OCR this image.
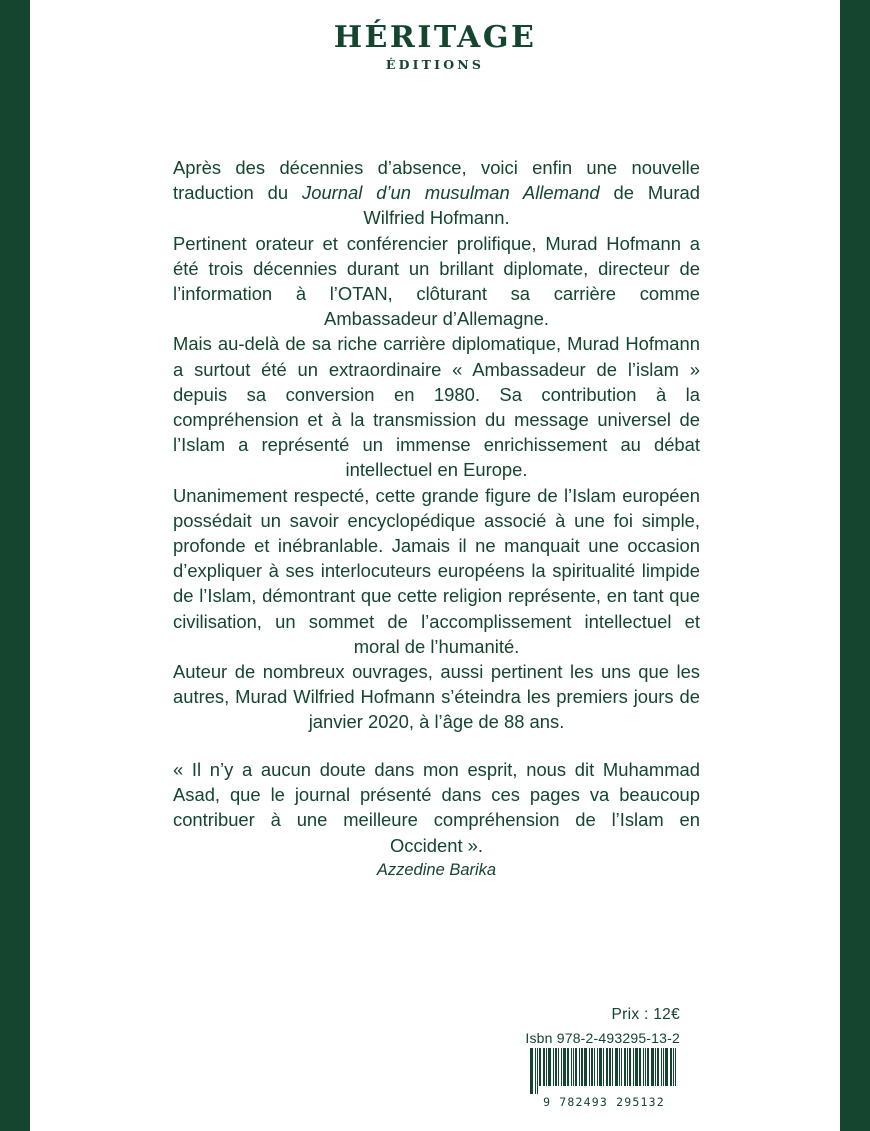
HÉRITAGE
ÉDITIONS

Après des décennies d’absence, voici enfin une nouvelle traduction du Journal d’un musulman Allemand de Murad Wilfried Hofmann.

Pertinent orateur et conférencier prolifique, Murad Hofmann a été trois décennies durant un brillant diplomate, directeur de l’information à l’OTAN, clôturant sa carrière comme Ambassadeur d’Allemagne.

Mais au-delà de sa riche carrière diplomatique, Murad Hofmann a surtout été un extraordinaire « Ambassadeur de l’islam » depuis sa conversion en 1980. Sa contribution à la compréhension et à la transmission du message universel de l’Islam a représenté un immense enrichissement au débat intellectuel en Europe.

Unanimement respecté, cette grande figure de l’Islam européen possédait un savoir encyclopédique associé à une foi simple, profonde et inébranlable. Jamais il ne manquait une occasion d’expliquer à ses interlocuteurs européens la spiritualité limpide de l’Islam, démontrant que cette religion représente, en tant que civilisation, un sommet de l’accomplissement intellectuel et moral de l’humanité.

Auteur de nombreux ouvrages, aussi pertinent les uns que les autres, Murad Wilfried Hofmann s’éteindra les premiers jours de janvier 2020, à l’âge de 88 ans.

« Il n’y a aucun doute dans mon esprit, nous dit Muhammad Asad, que le journal présenté dans ces pages va beaucoup contribuer à une meilleure compréhension de l’Islam en Occident ».

Azzedine Barika

Prix : 12€
Isbn 978-2-493295-13-2
9 782493 295132
